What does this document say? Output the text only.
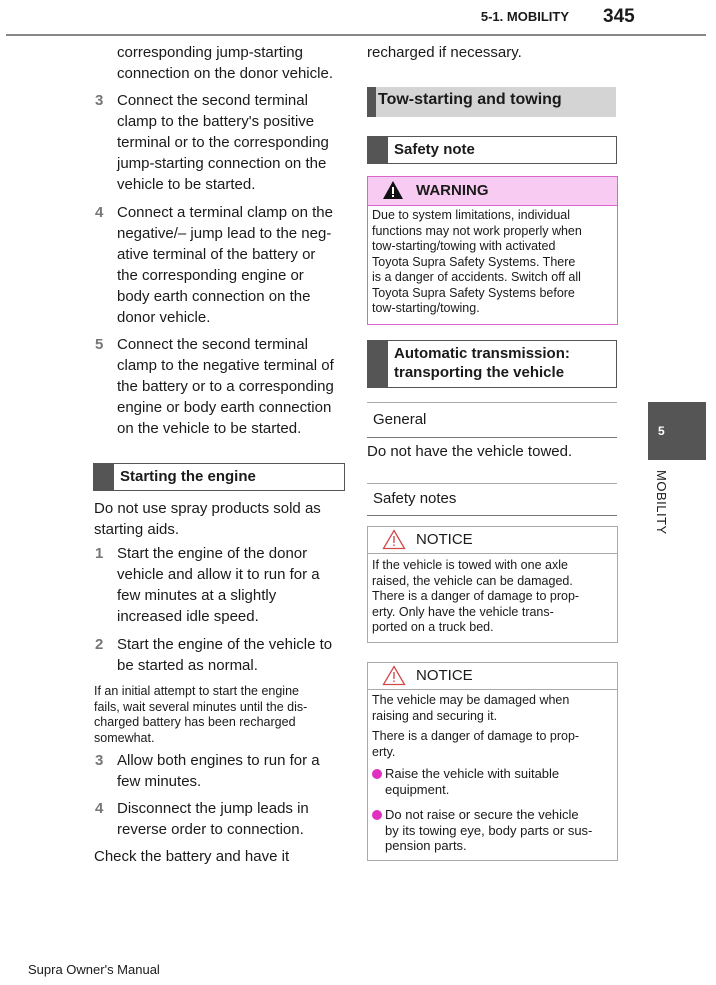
5-1. MOBILITY 345
5
MOBILITY
corresponding jump-starting
connection on the donor vehicle.
3 Connect the second terminal
clamp to the battery's positive
terminal or to the corresponding
jump-starting connection on the
vehicle to be started.
4 Connect a terminal clamp on the
negative/– jump lead to the neg-
ative terminal of the battery or
the corresponding engine or
body earth connection on the
donor vehicle.
5 Connect the second terminal
clamp to the negative terminal of
the battery or to a corresponding
engine or body earth connection
on the vehicle to be started.
Starting the engine
Do not use spray products sold as
starting aids.
1 Start the engine of the donor
vehicle and allow it to run for a
few minutes at a slightly
increased idle speed.
2 Start the engine of the vehicle to
be started as normal.
If an initial attempt to start the engine
fails, wait several minutes until the dis-
charged battery has been recharged
somewhat.
3 Allow both engines to run for a
few minutes.
4 Disconnect the jump leads in
reverse order to connection.
Check the battery and have it
recharged if necessary.
Tow-starting and towing
Safety note
WARNING
Due to system limitations, individual
functions may not work properly when
tow-starting/towing with activated
Toyota Supra Safety Systems. There
is a danger of accidents. Switch off all
Toyota Supra Safety Systems before
tow-starting/towing.
Automatic transmission:
transporting the vehicle
General
Do not have the vehicle towed.
Safety notes
NOTICE
If the vehicle is towed with one axle
raised, the vehicle can be damaged.
There is a danger of damage to prop-
erty. Only have the vehicle trans-
ported on a truck bed.
NOTICE
The vehicle may be damaged when
raising and securing it.
There is a danger of damage to prop-
erty.
Raise the vehicle with suitable
equipment.
Do not raise or secure the vehicle
by its towing eye, body parts or sus-
pension parts.
Supra Owner's Manual
